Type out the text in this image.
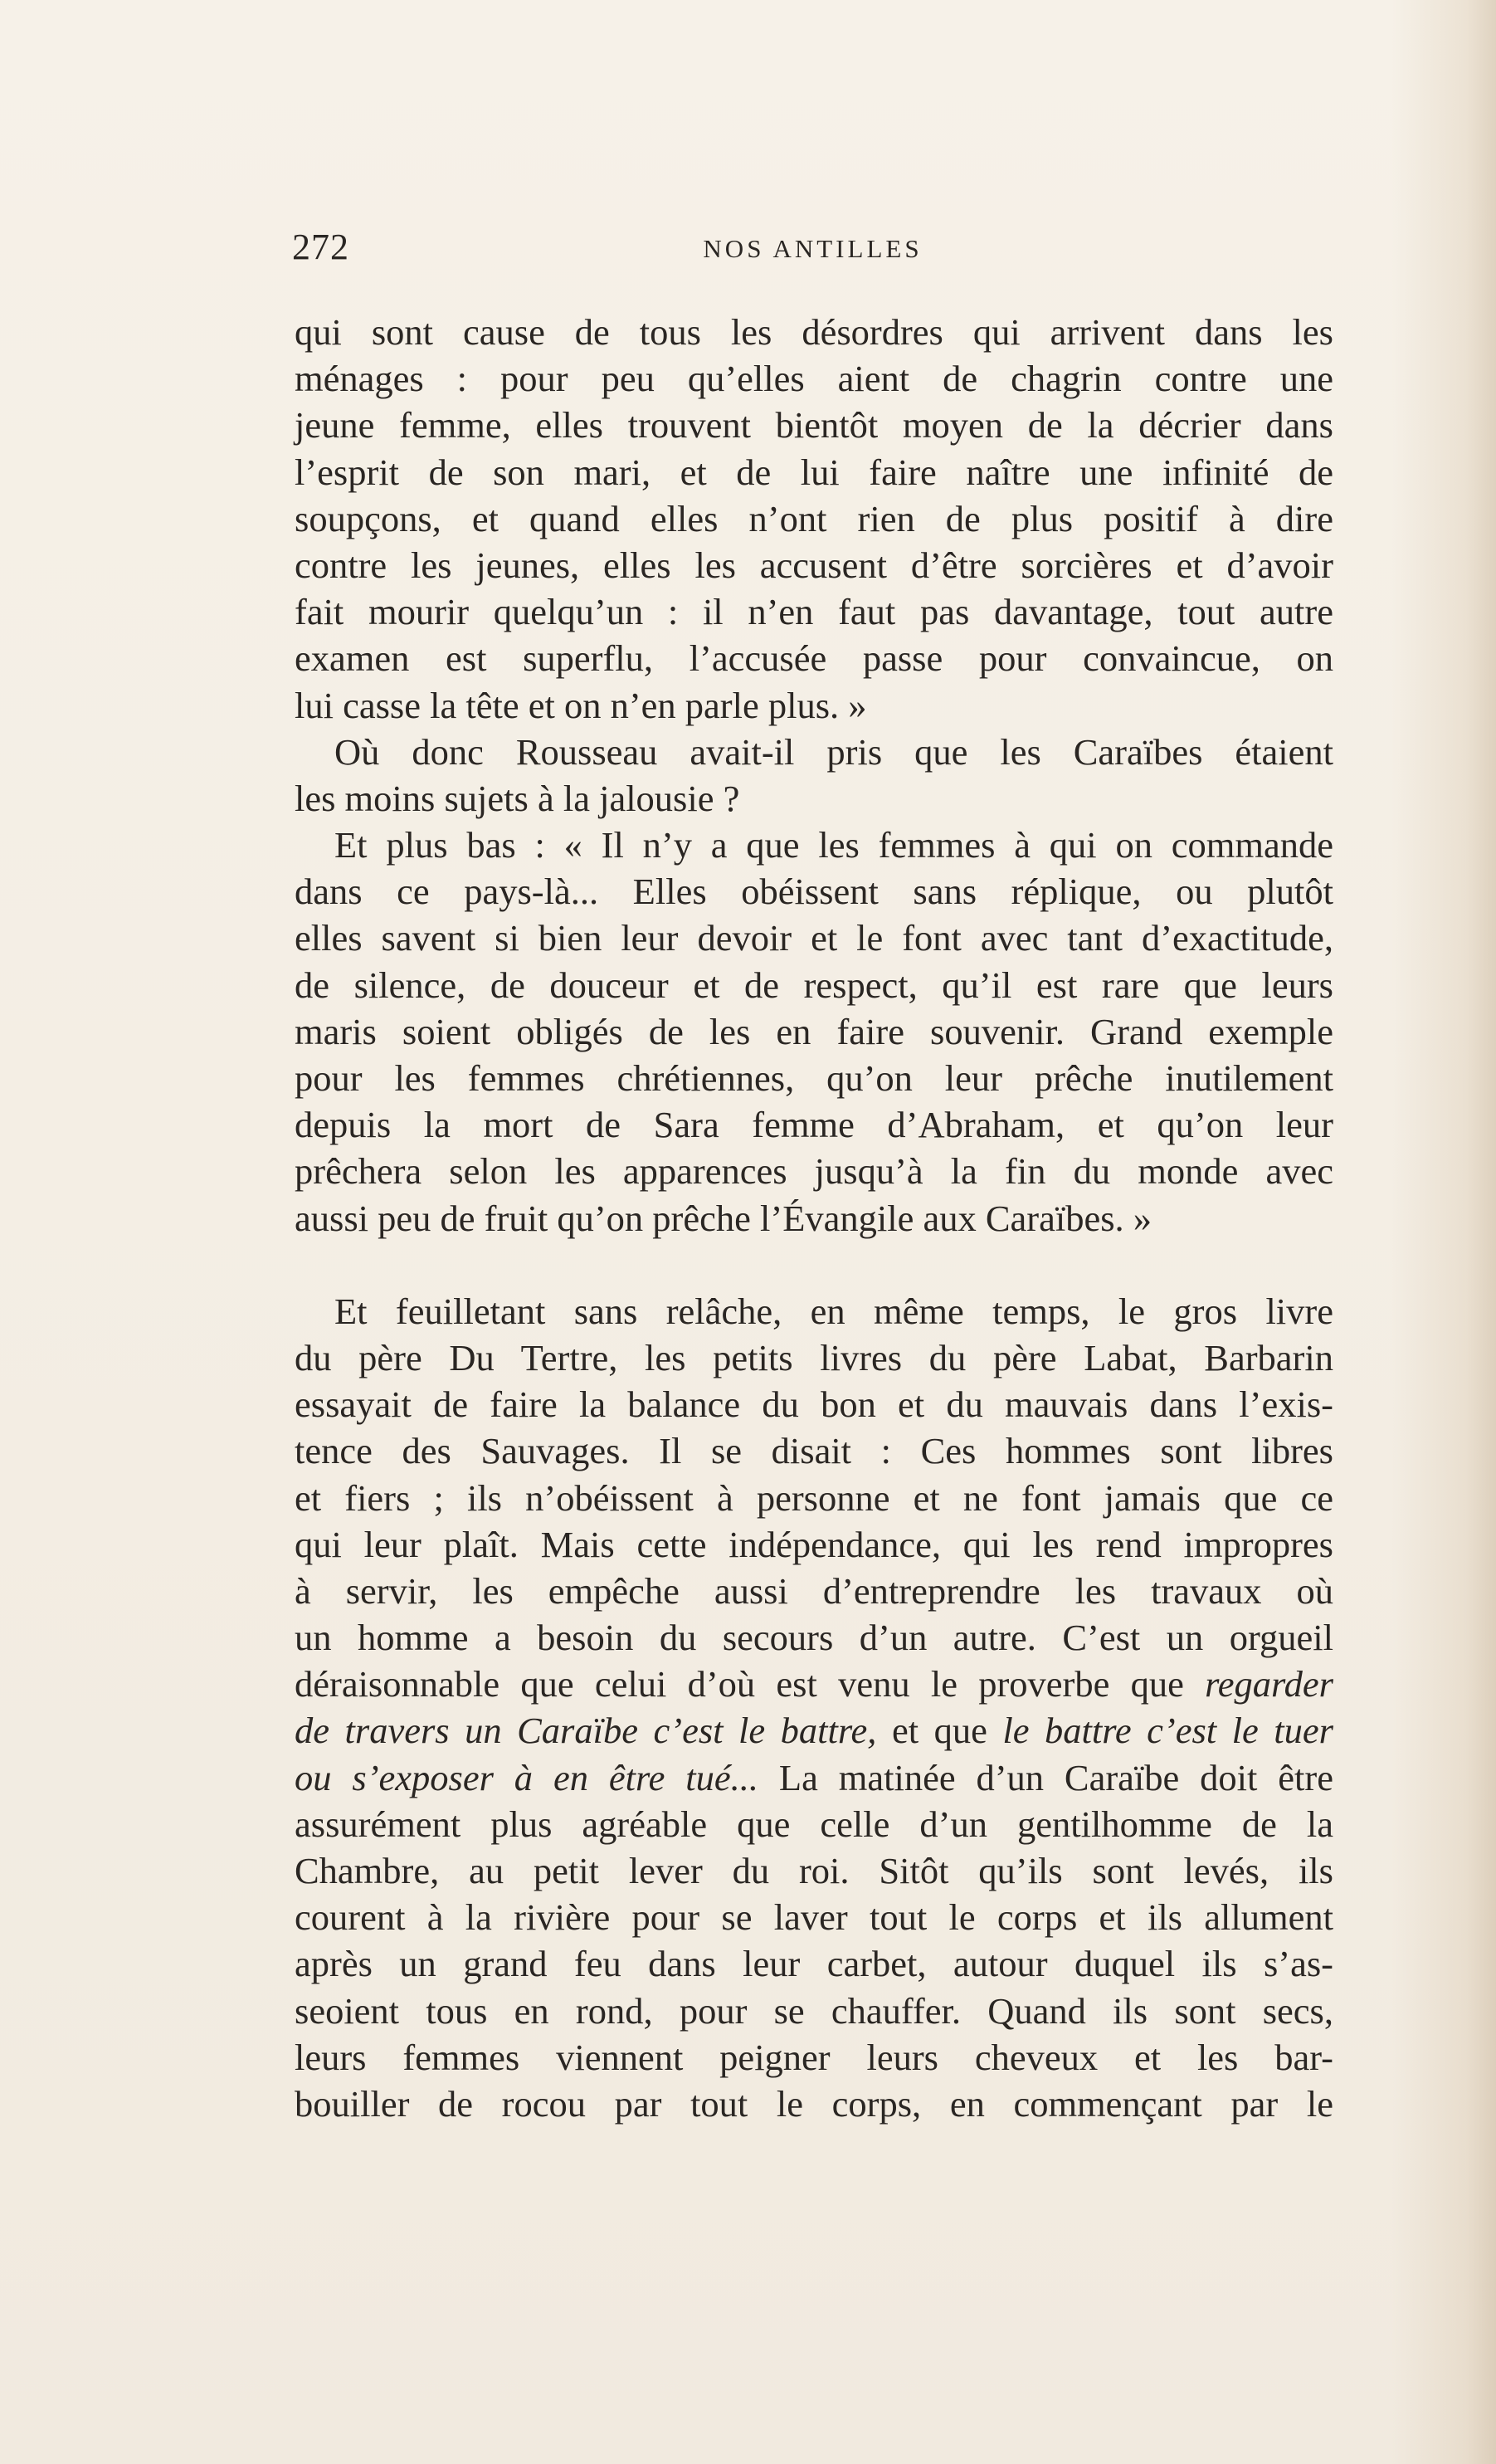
272	NOS ANTILLES
qui sont cause de tous les désordres qui arrivent dans les
ménages : pour peu qu’elles aient de chagrin contre une
jeune femme, elles trouvent bientôt moyen de la décrier dans
l’esprit de son mari, et de lui faire naître une infinité de
soupçons, et quand elles n’ont rien de plus positif à dire
contre les jeunes, elles les accusent d’être sorcières et d’avoir
fait mourir quelqu’un : il n’en faut pas davantage, tout autre
examen est superflu, l’accusée passe pour convaincue, on
lui casse la tête et on n’en parle plus. »
Où donc Rousseau avait-il pris que les Caraïbes étaient
les moins sujets à la jalousie ?
Et plus bas : « Il n’y a que les femmes à qui on commande
dans ce pays-là... Elles obéissent sans réplique, ou plutôt
elles savent si bien leur devoir et le font avec tant d’exactitude,
de silence, de douceur et de respect, qu’il est rare que leurs
maris soient obligés de les en faire souvenir. Grand exemple
pour les femmes chrétiennes, qu’on leur prêche inutilement
depuis la mort de Sara femme d’Abraham, et qu’on leur
prêchera selon les apparences jusqu’à la fin du monde avec
aussi peu de fruit qu’on prêche l’Évangile aux Caraïbes. »
Et feuilletant sans relâche, en même temps, le gros livre
du père Du Tertre, les petits livres du père Labat, Barbarin
essayait de faire la balance du bon et du mauvais dans l’exis-
tence des Sauvages. Il se disait : Ces hommes sont libres
et fiers ; ils n’obéissent à personne et ne font jamais que ce
qui leur plaît. Mais cette indépendance, qui les rend impropres
à servir, les empêche aussi d’entreprendre les travaux où
un homme a besoin du secours d’un autre. C’est un orgueil
déraisonnable que celui d’où est venu le proverbe que regarder
de travers un Caraïbe c’est le battre, et que le battre c’est le tuer
ou s’exposer à en être tué... La matinée d’un Caraïbe doit être
assurément plus agréable que celle d’un gentilhomme de la
Chambre, au petit lever du roi. Sitôt qu’ils sont levés, ils
courent à la rivière pour se laver tout le corps et ils allument
après un grand feu dans leur carbet, autour duquel ils s’as-
seoient tous en rond, pour se chauffer. Quand ils sont secs,
leurs femmes viennent peigner leurs cheveux et les bar-
bouiller de rocou par tout le corps, en commençant par le
